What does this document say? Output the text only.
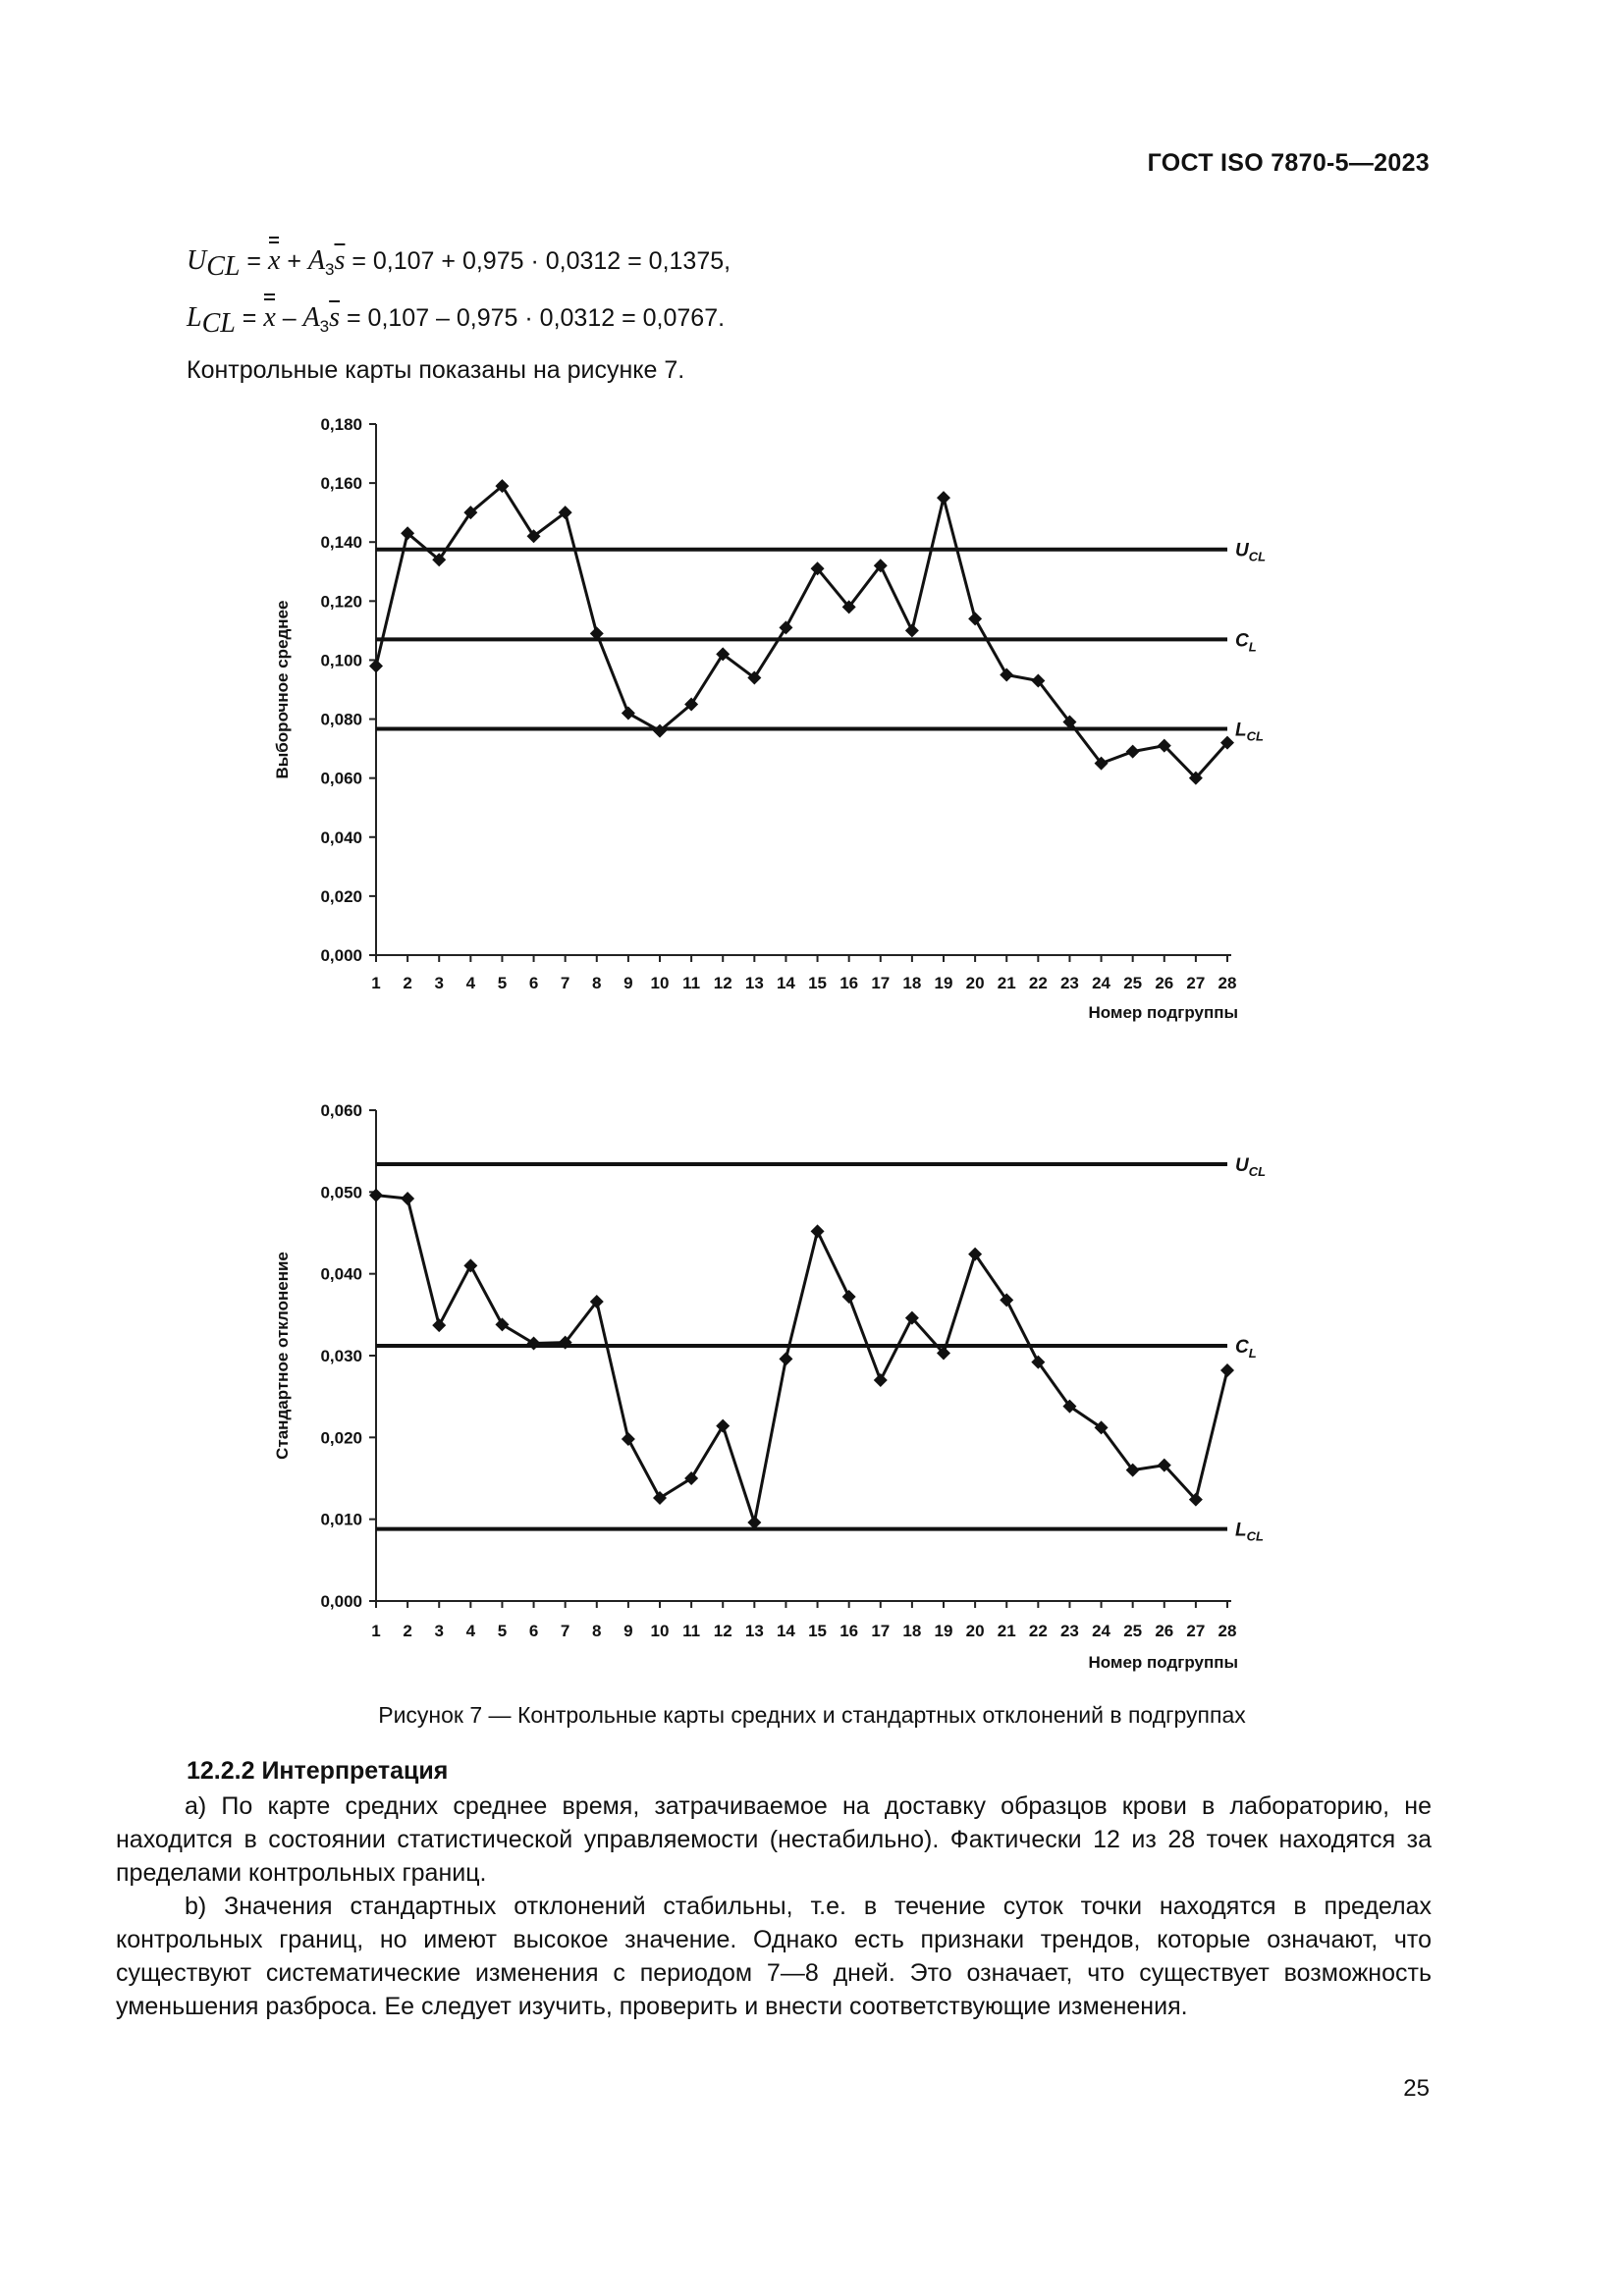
ГОСТ ISO 7870-5—2023
$U_{CL} = x + A_3\overline{s} = 0,107 + 0,975 \cdot 0,0312 = 0,1375$,
$L_{CL} = x - A_3\overline{s} = 0,107 - 0,975 \cdot 0,0312 = 0,0767$.
Контрольные карты показаны на рисунке 7.
0,000
0,020
0,040
0,060
0,080
0,100
0,120
0,140
0,160
0,180
1 2 3 4 5 6 7 8 9 10 11 12 13 14 15 16 17 18 19 20 21 22 23 24 25 26 27 28
Номер подгруппы
Выборочное среднее
$U_{CL}$
$C_L$
$L_{CL}$
0,000
0,010
0,020
0,030
0,040
0,050
0,060
1 2 3 4 5 6 7 8 9 10 11 12 13 14 15 16 17 18 19 20 21 22 23 24 25 26 27 28
Номер подгруппы
Стандартное отклонение
$U_{CL}$
$C_L$
$L_{CL}$
Рисунок 7 — Контрольные карты средних и стандартных отклонений в подгруппах
12.2.2 Интерпретация

а) По карте средних среднее время, затрачиваемое на доставку образцов крови в лабораторию, не находится в состоянии статистической управляемости (нестабильно). Фактически 12 из 28 точек находятся за пределами контрольных границ.

b) Значения стандартных отклонений стабильны, т.е. в течение суток точки находятся в пределах контрольных границ, но имеют высокое значение. Однако есть признаки трендов, которые означают, что существуют систематические изменения с периодом 7—8 дней. Это означает, что существует возможность уменьшения разброса. Ее следует изучить, проверить и внести соответствующие изменения.

25
